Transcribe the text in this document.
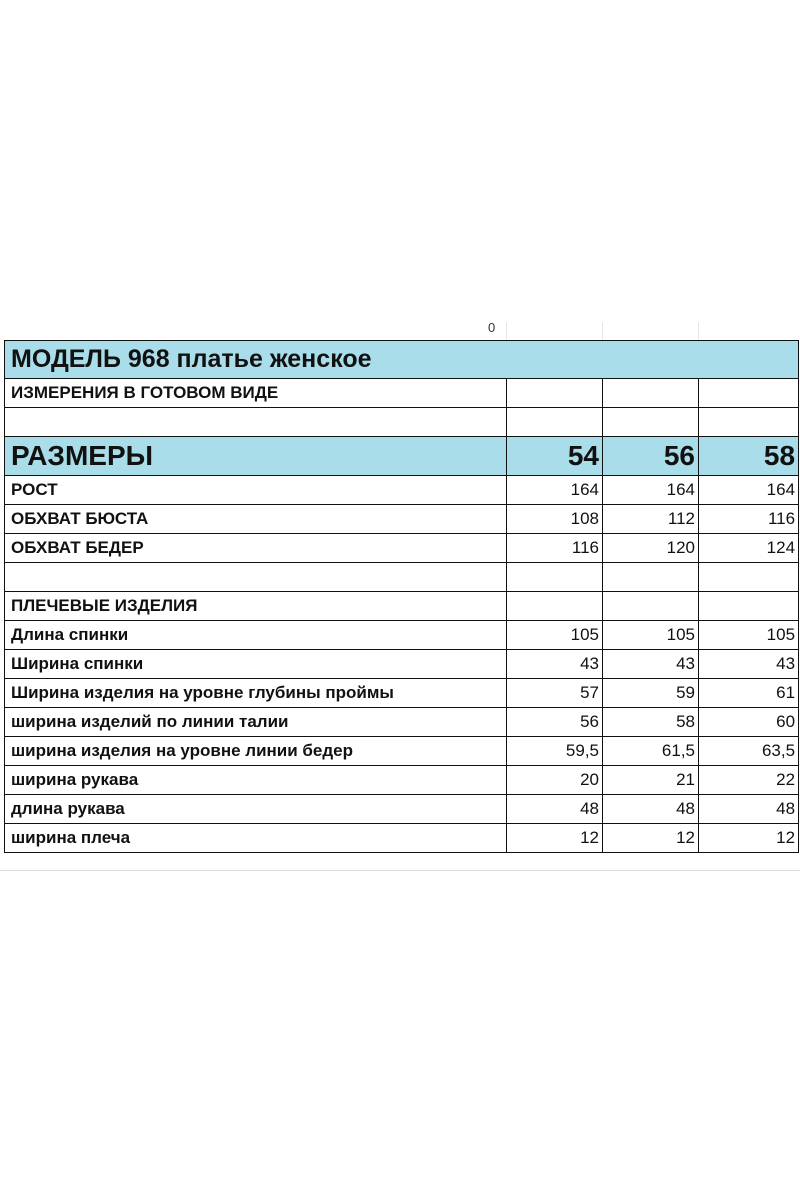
0
МОДЕЛЬ 968 платье женское			
ИЗМЕРЕНИЯ В ГОТОВОМ ВИДЕ			

РАЗМЕРЫ	54	56	58
РОСТ	164	164	164
ОБХВАТ БЮСТА	108	112	116
ОБХВАТ БЕДЕР	116	120	124

ПЛЕЧЕВЫЕ ИЗДЕЛИЯ			
Длина спинки	105	105	105
Ширина спинки	43	43	43
Ширина изделия на уровне глубины проймы	57	59	61
ширина изделий по линии талии	56	58	60
ширина изделия на уровне линии бедер	59,5	61,5	63,5
ширина рукава	20	21	22
длина рукава	48	48	48
ширина плеча	12	12	12
